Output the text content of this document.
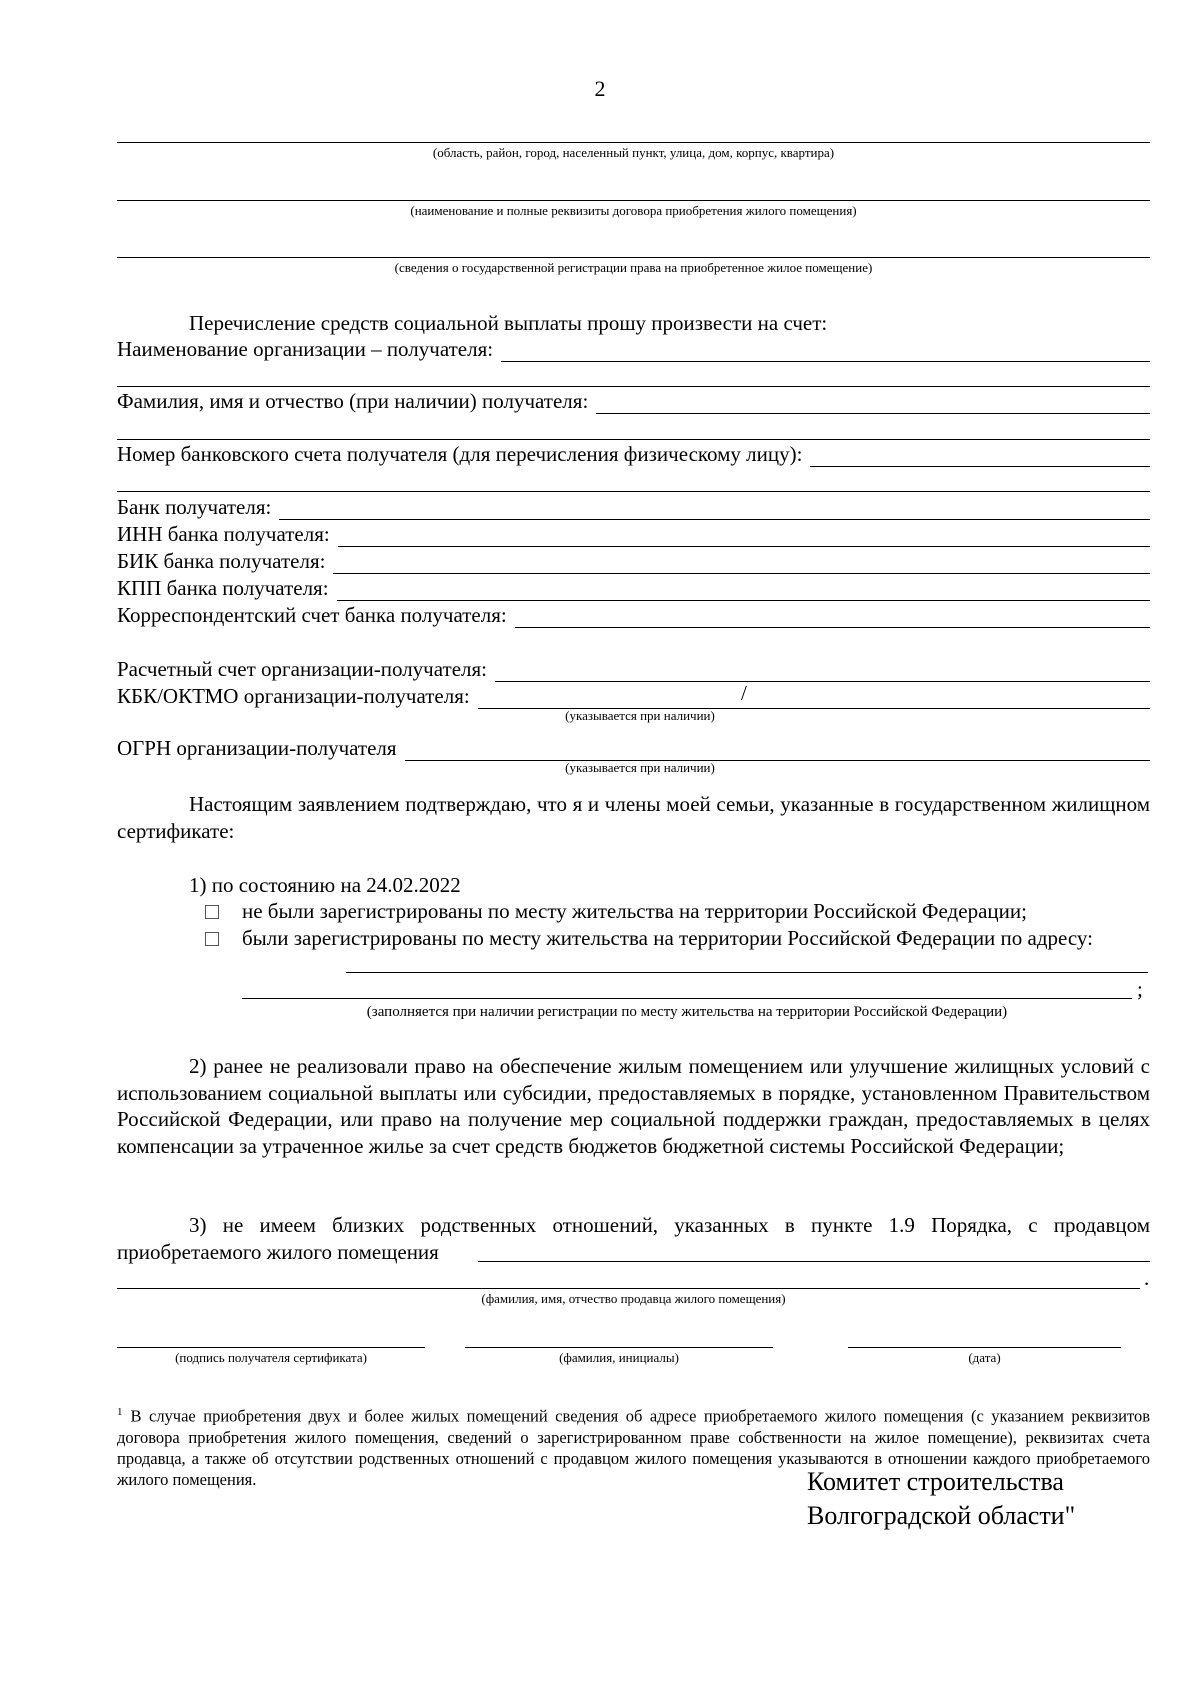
2
(область, район, город, населенный пункт, улица, дом, корпус, квартира)
(наименование и полные реквизиты договора приобретения жилого помещения)
(сведения о государственной регистрации права на приобретенное жилое помещение)
Перечисление средств социальной выплаты прошу произвести на счет:
Наименование организации – получателя:
Фамилия, имя и отчество (при наличии) получателя:
Номер банковского счета получателя (для перечисления физическому лицу):
Банк получателя:
ИНН банка получателя:
БИК банка получателя:
КПП банка получателя:
Корреспондентский счет банка получателя:
Расчетный счет организации-получателя:
КБК/ОКТМО организации-получателя:	/
(указывается при наличии)
ОГРН организации-получателя
(указывается при наличии)
Настоящим заявлением подтверждаю, что я и члены моей семьи, указанные в государственном жилищном сертификате:
1) по состоянию на 24.02.2022
не были зарегистрированы по месту жительства на территории Российской Федерации;
были зарегистрированы по месту жительства на территории Российской Федерации по адресу:
;
(заполняется при наличии регистрации по месту жительства на территории Российской Федерации)
2) ранее не реализовали право на обеспечение жилым помещением или улучшение жилищных условий с использованием социальной выплаты или субсидии, предоставляемых в порядке, установленном Правительством Российской Федерации, или право на получение мер социальной поддержки граждан, предоставляемых в целях компенсации за утраченное жилье за счет средств бюджетов бюджетной системы Российской Федерации;
3) не имеем близких родственных отношений, указанных в пункте 1.9 Порядка, с продавцом приобретаемого жилого помещения
.
(фамилия, имя, отчество продавца жилого помещения)
(подпись получателя сертификата)	(фамилия, инициалы)	(дата)
$^1$ В случае приобретения двух и более жилых помещений сведения об адресе приобретаемого жилого помещения (с указанием реквизитов договора приобретения жилого помещения, сведений о зарегистрированном праве собственности на жилое помещение), реквизитах счета продавца, а также об отсутствии родственных отношений с продавцом жилого помещения указываются в отношении каждого приобретаемого жилого помещения.	Комитет строительства
Волгоградской области"
